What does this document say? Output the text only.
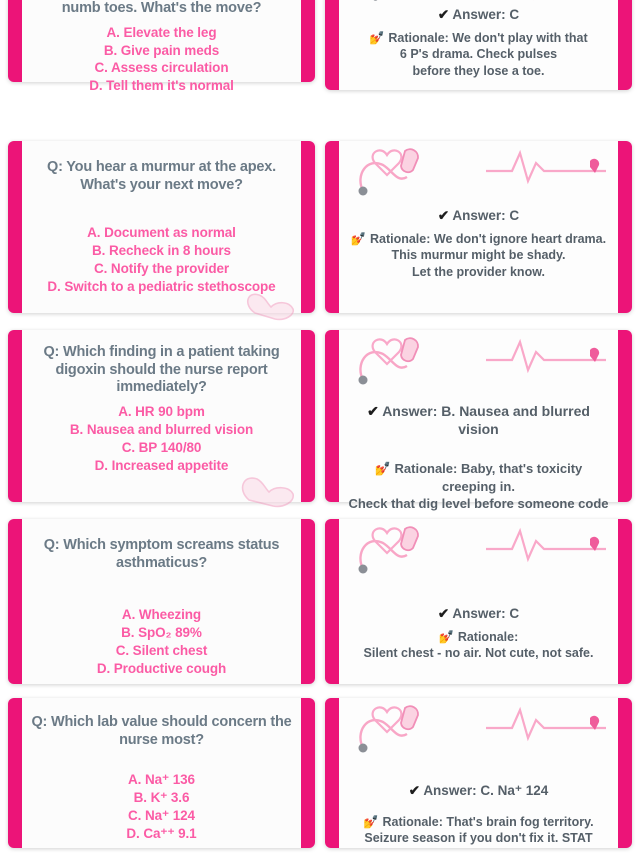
numb toes. What's the move?

A. Elevate the leg
B. Give pain meds
C. Assess circulation
D. Tell them it's normal

✔ Answer: C

💅 Rationale: We don't play with that
6 P's drama. Check pulses
before they lose a toe.

Q: You hear a murmur at the apex. What's your next move?

A. Document as normal
B. Recheck in 8 hours
C. Notify the provider
D. Switch to a pediatric stethoscope

✔ Answer: C

💅 Rationale: We don't ignore heart drama.
This murmur might be shady.
Let the provider know.

Q: Which finding in a patient taking digoxin should the nurse report immediately?

A. HR 90 bpm
B. Nausea and blurred vision
C. BP 140/80
D. Increased appetite

✔ Answer: B. Nausea and blurred vision

💅 Rationale: Baby, that's toxicity creeping in.
Check that dig level before someone code

Q: Which symptom screams status asthmaticus?

A. Wheezing
B. SpO₂ 89%
C. Silent chest
D. Productive cough

✔ Answer: C

💅 Rationale:
Silent chest - no air. Not cute, not safe.

Q: Which lab value should concern the nurse most?

A. Na⁺ 136
B. K⁺ 3.6
C. Na⁺ 124
D. Ca⁺⁺ 9.1

✔ Answer: C. Na⁺ 124

💅 Rationale: That's brain fog territory.
Seizure season if you don't fix it. STAT
